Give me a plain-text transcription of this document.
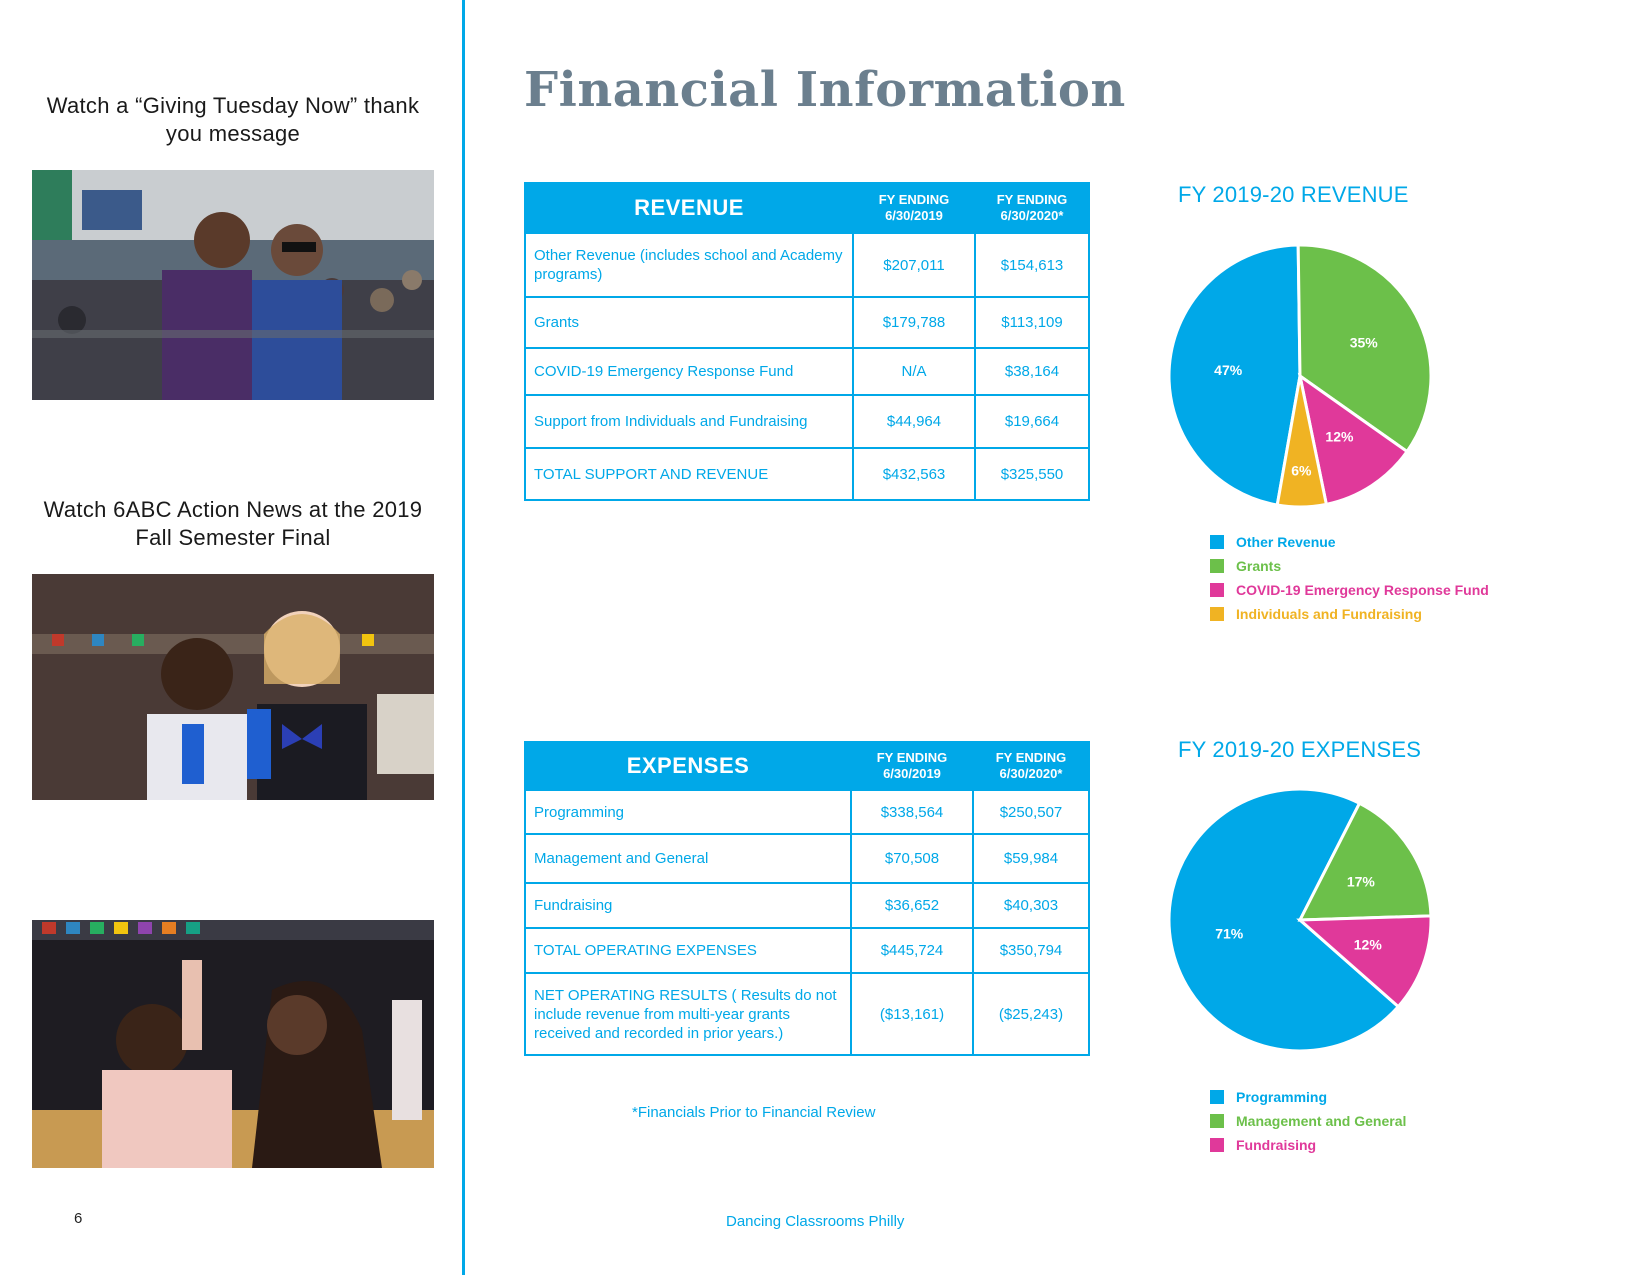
Watch a “Giving Tuesday Now” thank you message
Watch 6ABC Action News at the 2019 Fall Semester Final
6
Financial Information
REVENUE	FY ENDING 6/30/2019	FY ENDING 6/30/2020*
Other Revenue (includes school and Academy programs)	$207,011	$154,613
Grants	$179,788	$113,109
COVID-19 Emergency Response Fund	N/A	$38,164
Support from Individuals and Fundraising	$44,964	$19,664
TOTAL SUPPORT AND REVENUE	$432,563	$325,550
EXPENSES	FY ENDING 6/30/2019	FY ENDING 6/30/2020*
Programming	$338,564	$250,507
Management and General	$70,508	$59,984
Fundraising	$36,652	$40,303
TOTAL OPERATING EXPENSES	$445,724	$350,794
NET OPERATING RESULTS ( Results do not include revenue from multi-year grants received and recorded in prior years.)	($13,161)	($25,243)
*Financials Prior to Financial Review
FY 2019-20 REVENUE
47%
35%
12%
6%
Other Revenue
Grants
COVID-19 Emergency Response Fund
Individuals and Fundraising
FY 2019-20 EXPENSES
71%
17%
12%
Programming
Management and General
Fundraising
Dancing Classrooms Philly
